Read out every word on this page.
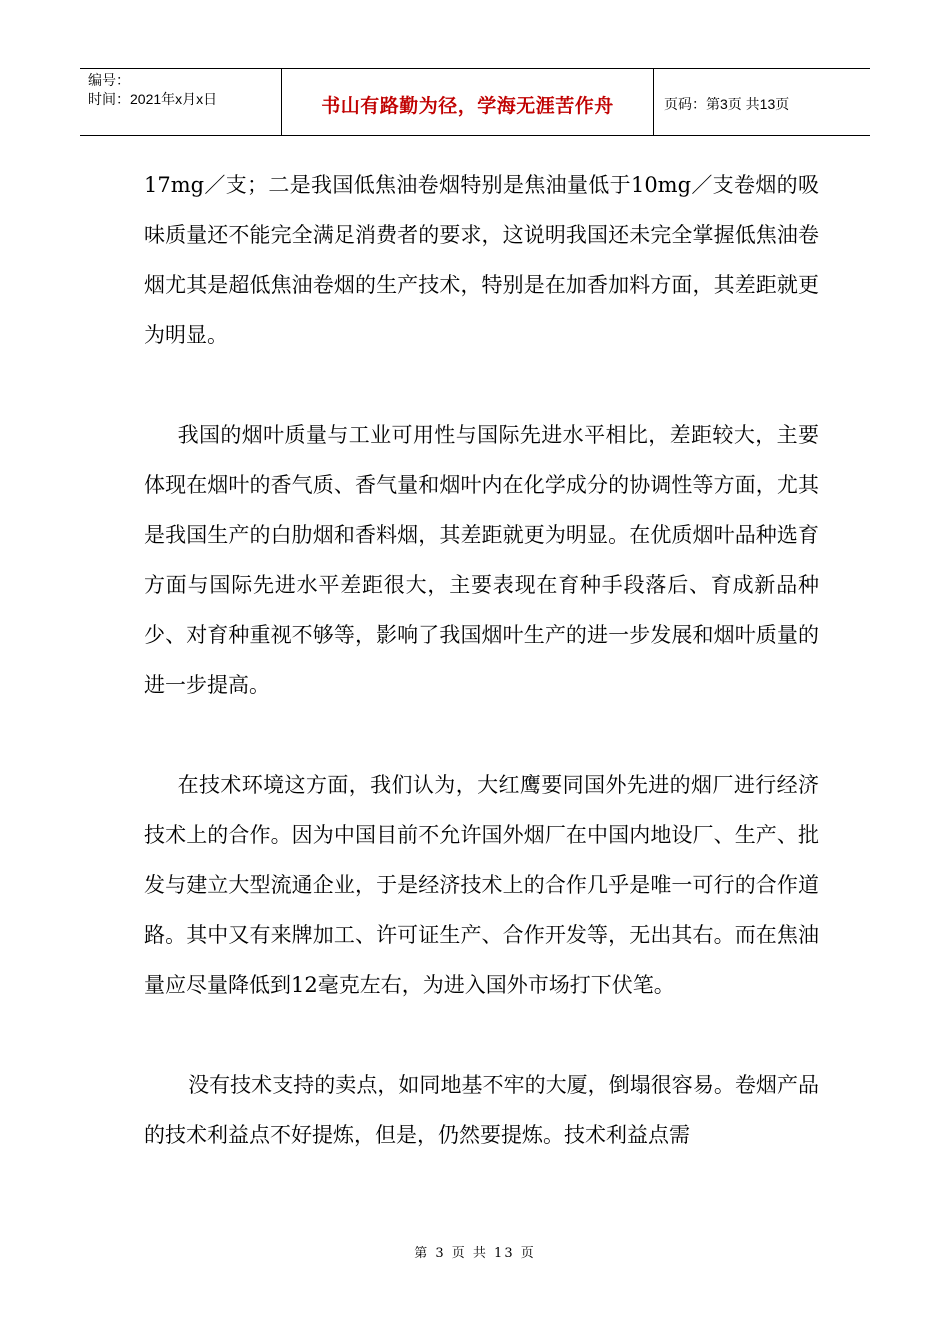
编号：
时间：2021年x月x日	书山有路勤为径，学海无涯苦作舟	页码：第3页 共13页

17mg／支；二是我国低焦油卷烟特别是焦油量低于10mg／支卷烟的吸味质量还不能完全满足消费者的要求，这说明我国还未完全掌握低焦油卷烟尤其是超低焦油卷烟的生产技术，特别是在加香加料方面，其差距就更为明显。

我国的烟叶质量与工业可用性与国际先进水平相比，差距较大，主要体现在烟叶的香气质、香气量和烟叶内在化学成分的协调性等方面，尤其是我国生产的白肋烟和香料烟，其差距就更为明显。在优质烟叶品种选育方面与国际先进水平差距很大，主要表现在育种手段落后、育成新品种少、对育种重视不够等，影响了我国烟叶生产的进一步发展和烟叶质量的进一步提高。

在技术环境这方面，我们认为，大红鹰要同国外先进的烟厂进行经济技术上的合作。因为中国目前不允许国外烟厂在中国内地设厂、生产、批发与建立大型流通企业，于是经济技术上的合作几乎是唯一可行的合作道路。其中又有来牌加工、许可证生产、合作开发等，无出其右。而在焦油量应尽量降低到12毫克左右，为进入国外市场打下伏笔。

没有技术支持的卖点，如同地基不牢的大厦，倒塌很容易。卷烟产品的技术利益点不好提炼，但是，仍然要提炼。技术利益点需

第 3 页 共 13 页
